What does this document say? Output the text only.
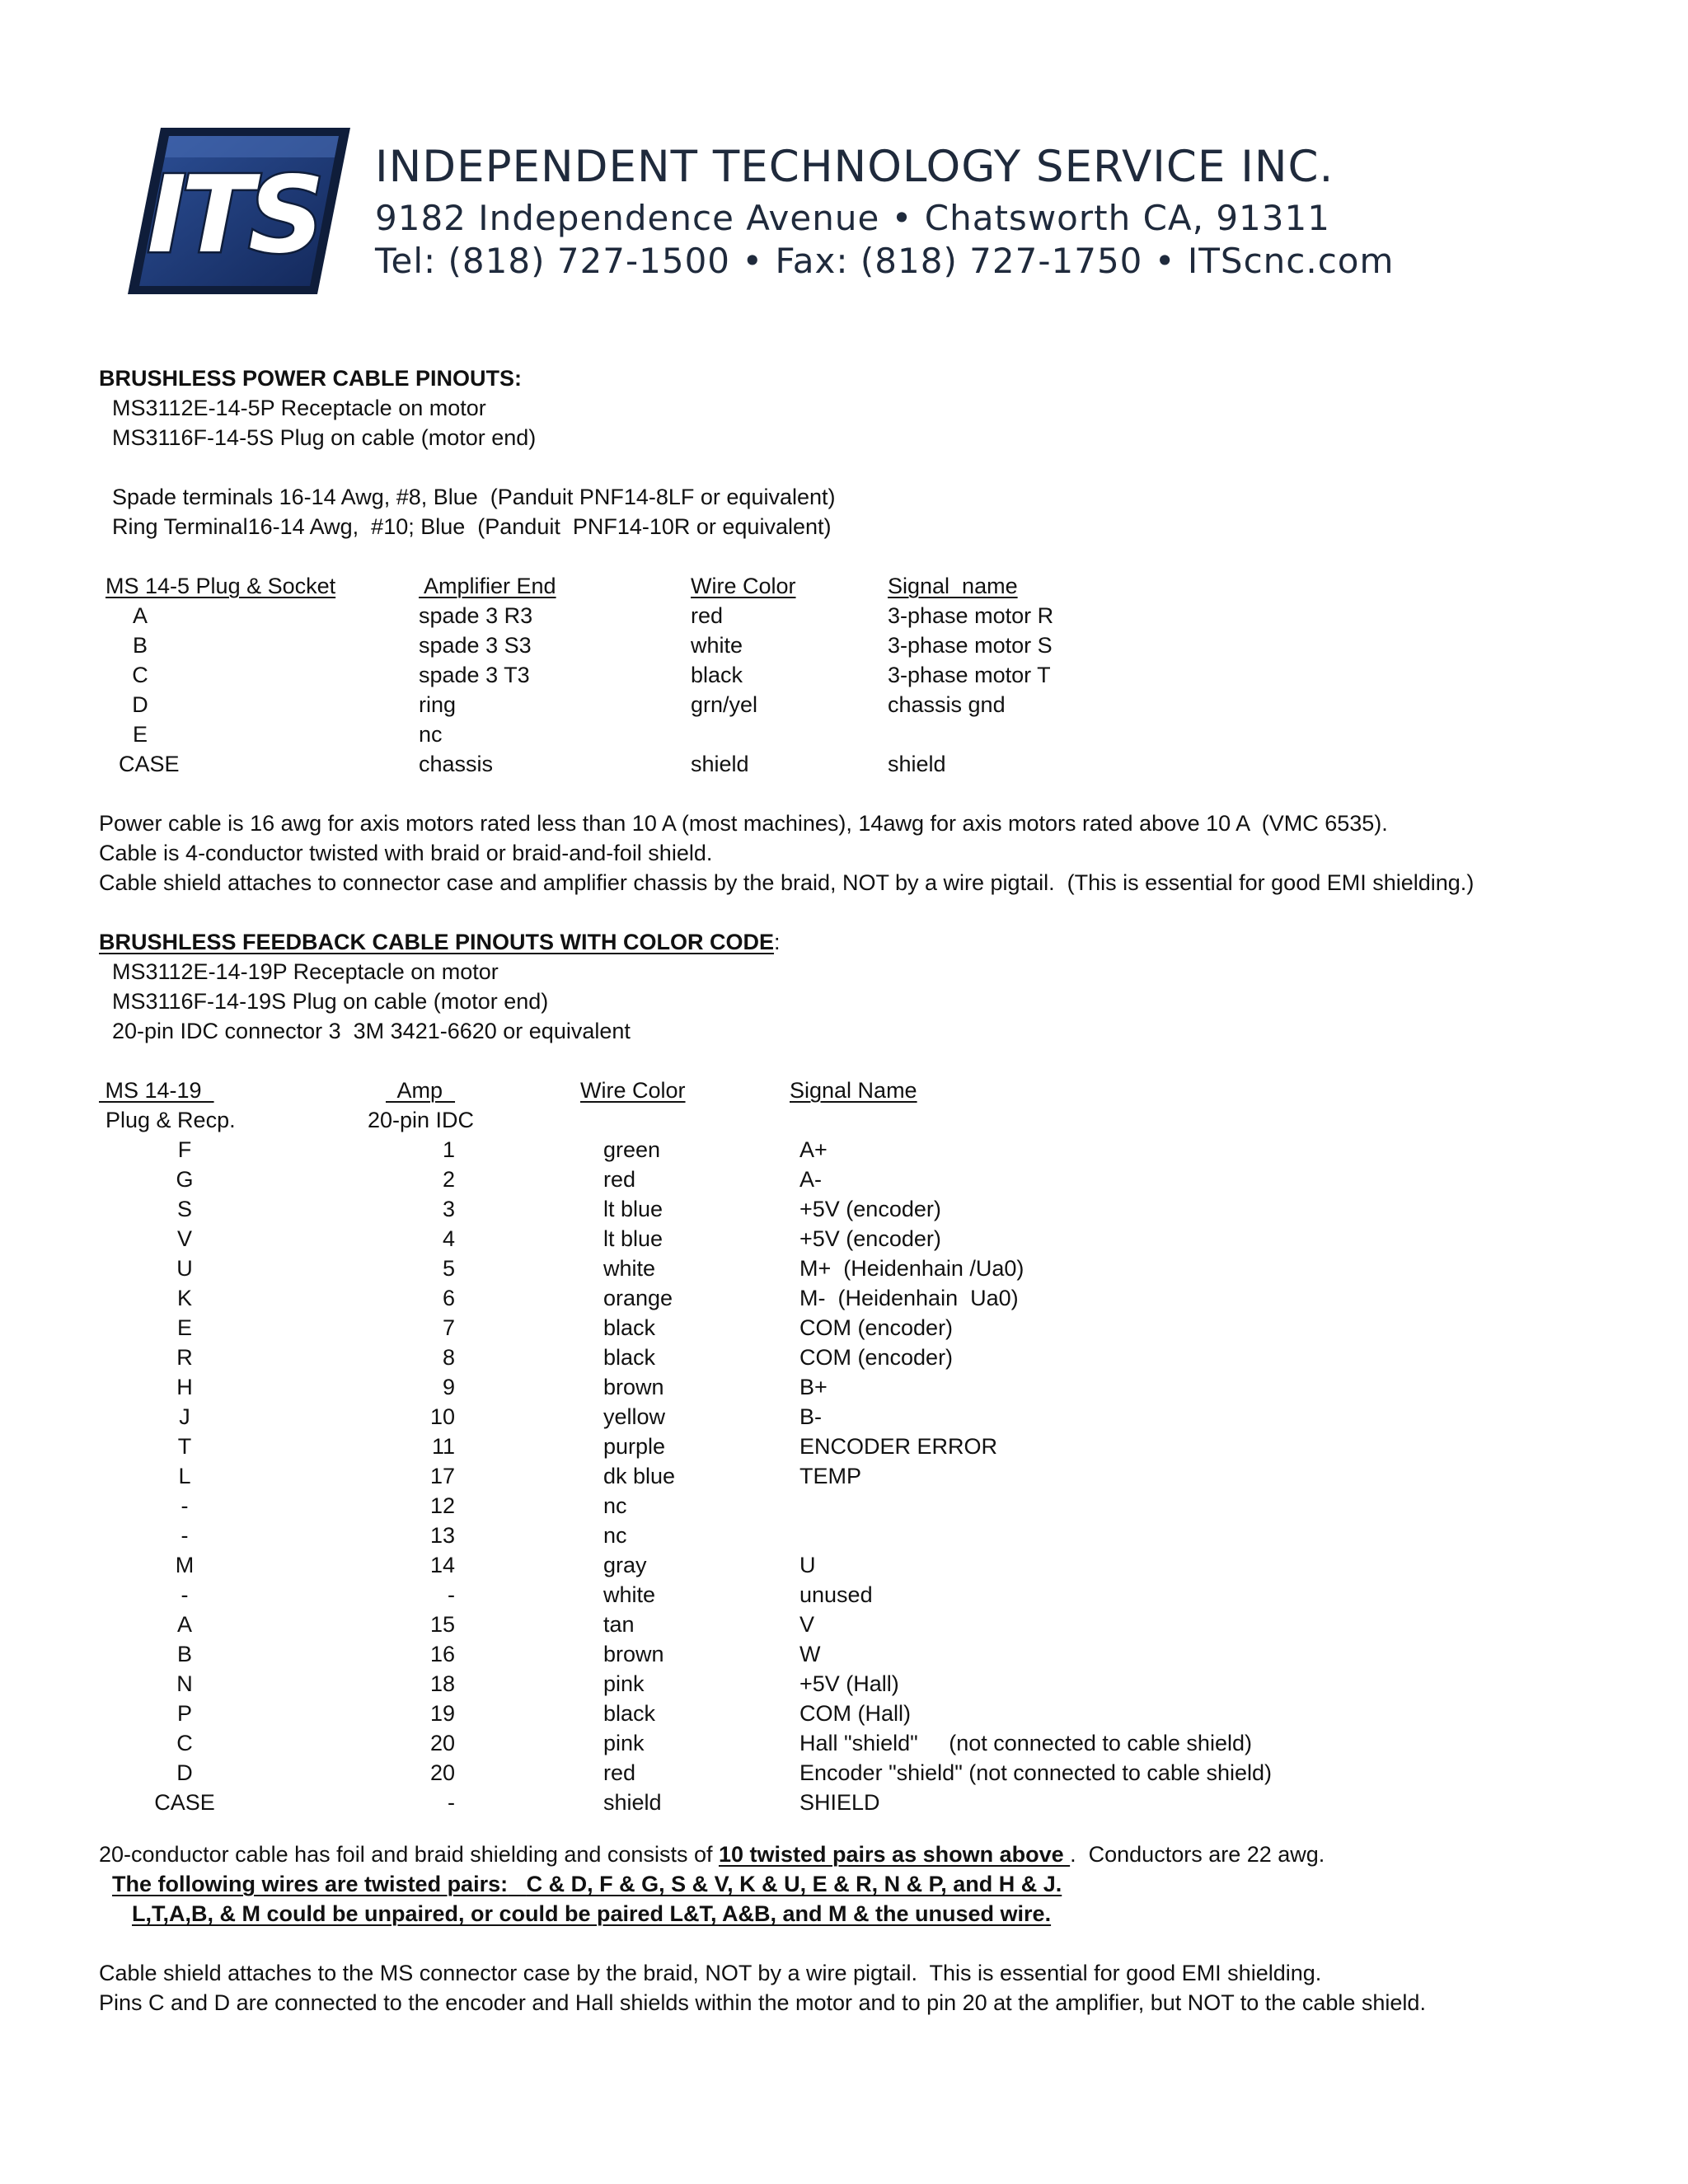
ITS INDEPENDENT TECHNOLOGY SERVICE INC.
9182 Independence Avenue • Chatsworth CA, 91311
Tel: (818) 727-1500 • Fax: (818) 727-1750 • ITScnc.com
BRUSHLESS POWER CABLE PINOUTS:
MS3112E-14-5P Receptacle on motor
MS3116F-14-5S Plug on cable (motor end)
Spade terminals 16-14 Awg, #8, Blue  (Panduit PNF14-8LF or equivalent)
Ring Terminal16-14 Awg,  #10; Blue  (Panduit  PNF14-10R or equivalent)
MS 14-5 Plug & Socket	Amplifier End	Wire Color	Signal  name
A	spade 3 R3	red	3-phase motor R
B	spade 3 S3	white	3-phase motor S
C	spade 3 T3	black	3-phase motor T
D	ring	grn/yel	chassis gnd
E	nc
CASE	chassis	shield	shield
Power cable is 16 awg for axis motors rated less than 10 A (most machines), 14awg for axis motors rated above 10 A  (VMC 6535).
Cable is 4-conductor twisted with braid or braid-and-foil shield.
Cable shield attaches to connector case and amplifier chassis by the braid, NOT by a wire pigtail.  (This is essential for good EMI shielding.)
BRUSHLESS FEEDBACK CABLE PINOUTS WITH COLOR CODE:
MS3112E-14-19P Receptacle on motor
MS3116F-14-19S Plug on cable (motor end)
20-pin IDC connector 3  3M 3421-6620 or equivalent
MS 14-19	Amp	Wire Color	Signal Name
Plug & Recp.	20-pin IDC
F	1	green	A+
G	2	red	A-
S	3	lt blue	+5V (encoder)
V	4	lt blue	+5V (encoder)
U	5	white	M+  (Heidenhain /Ua0)
K	6	orange	M-  (Heidenhain  Ua0)
E	7	black	COM (encoder)
R	8	black	COM (encoder)
H	9	brown	B+
J	10	yellow	B-
T	11	purple	ENCODER ERROR
L	17	dk blue	TEMP
-	12	nc
-	13	nc
M	14	gray	U
-	-	white	unused
A	15	tan	V
B	16	brown	W
N	18	pink	+5V (Hall)
P	19	black	COM (Hall)
C	20	pink	Hall "shield"     (not connected to cable shield)
D	20	red	Encoder "shield" (not connected to cable shield)
CASE	-	shield	SHIELD
20-conductor cable has foil and braid shielding and consists of 10 twisted pairs as shown above .  Conductors are 22 awg.
The following wires are twisted pairs: C & D, F & G, S & V, K & U, E & R, N & P, and H & J.
L,T,A,B, & M could be unpaired, or could be paired L&T, A&B, and M & the unused wire.
Cable shield attaches to the MS connector case by the braid, NOT by a wire pigtail.  This is essential for good EMI shielding.
Pins C and D are connected to the encoder and Hall shields within the motor and to pin 20 at the amplifier, but NOT to the cable shield.
